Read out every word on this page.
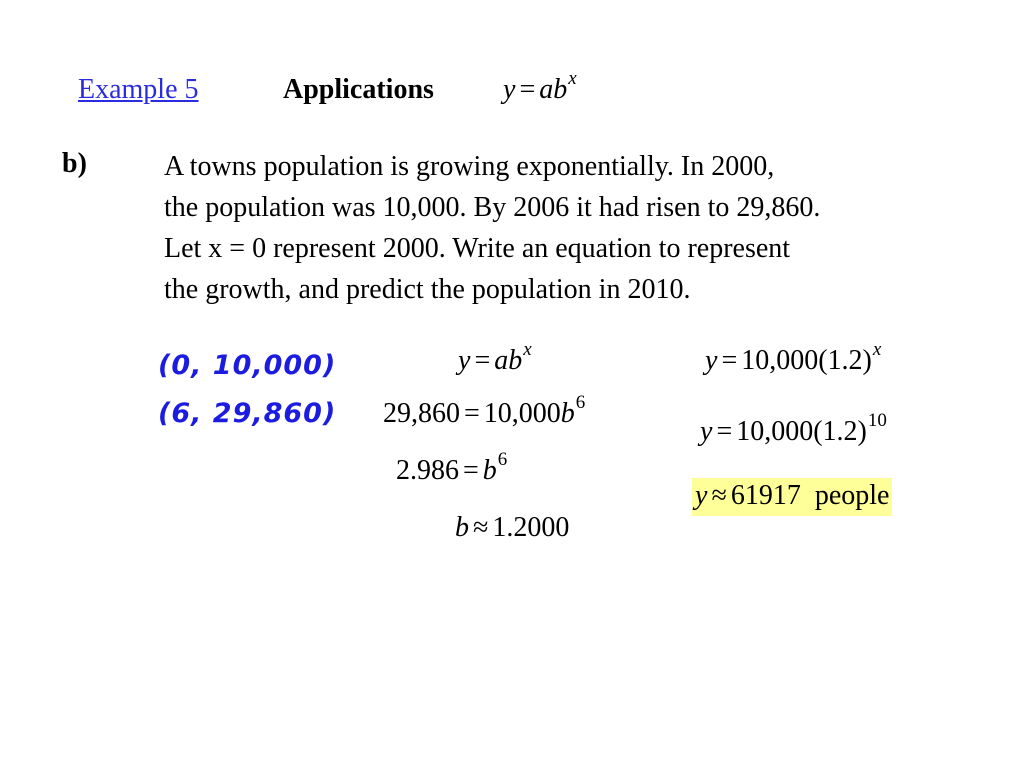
Example 5	Applications $y = ab^x$
b)	A towns population is growing exponentially. In 2000,
the population was 10,000. By 2006 it had risen to 29,860.
Let x = 0 represent 2000. Write an equation to represent
the growth, and predict the population in 2010.
(0, 10,000)
(6, 29,860)
$y = ab^x$
$29,860 = 10,000b^6$
$2.986 = b^6$
b ≈ 1.2000
$y = 10,000(1.2)^x$
$y = 10,000(1.2)^{10}$
y ≈ 61917 people
